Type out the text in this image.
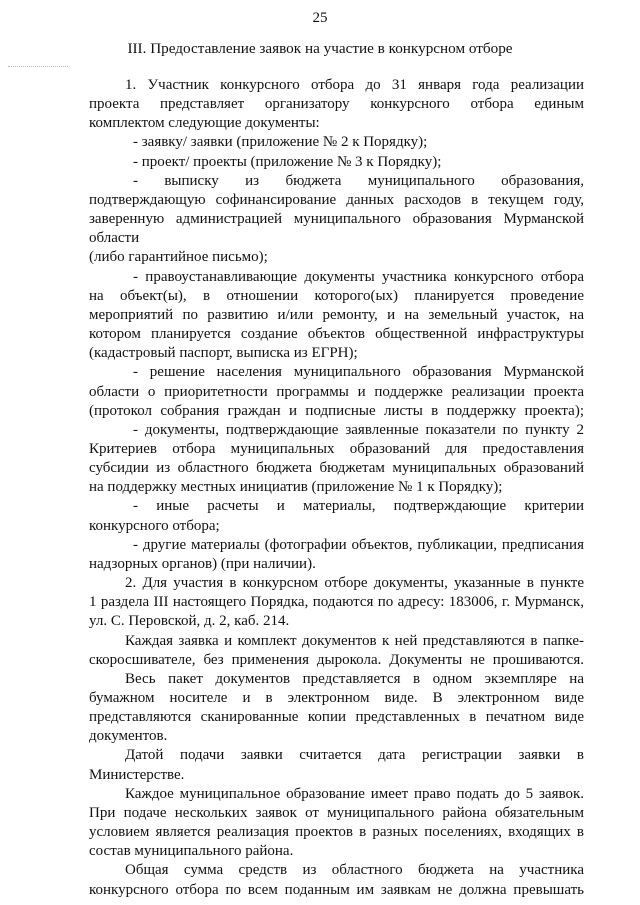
25
III. Предоставление заявок на участие в конкурсном отборе

1. Участник конкурсного отбора до 31 января года реализации

проекта представляет организатору конкурсного отбора единым

комплектом следующие документы:

- заявку/ заявки (приложение № 2 к Порядку);

- проект/ проекты (приложение № 3 к Порядку);

- выписку из бюджета муниципального образования,

подтверждающую софинансирование данных расходов в текущем году,

заверенную администрацией муниципального образования Мурманской

области

(либо гарантийное письмо);

- правоустанавливающие документы участника конкурсного отбора

на объект(ы), в отношении которого(ых) планируется проведение

мероприятий по развитию и/или ремонту, и на земельный участок, на

котором планируется создание объектов общественной инфраструктуры

(кадастровый паспорт, выписка из ЕГРН);

- решение населения муниципального образования Мурманской

области о приоритетности программы и поддержке реализации проекта

(протокол собрания граждан и подписные листы в поддержку проекта);

- документы, подтверждающие заявленные показатели по пункту 2

Критериев отбора муниципальных образований для предоставления

субсидии из областного бюджета бюджетам муниципальных образований

на поддержку местных инициатив (приложение № 1 к Порядку);

- иные расчеты и материалы, подтверждающие критерии

конкурсного отбора;

- другие материалы (фотографии объектов, публикации, предписания

надзорных органов) (при наличии).

2. Для участия в конкурсном отборе документы, указанные в пункте

1 раздела III настоящего Порядка, подаются по адресу: 183006, г. Мурманск,

ул. С. Перовской, д. 2, каб. 214.

Каждая заявка и комплект документов к ней представляются в папке-

скоросшивателе, без применения дырокола. Документы не прошиваются.

Весь пакет документов представляется в одном экземпляре на

бумажном носителе и в электронном виде. В электронном виде

представляются сканированные копии представленных в печатном виде

документов.

Датой подачи заявки считается дата регистрации заявки в

Министерстве.

Каждое муниципальное образование имеет право подать до 5 заявок.

При подаче нескольких заявок от муниципального района обязательным

условием является реализация проектов в разных поселениях, входящих в

состав муниципального района.

Общая сумма средств из областного бюджета на участника

конкурсного отбора по всем поданным им заявкам не должна превышать
